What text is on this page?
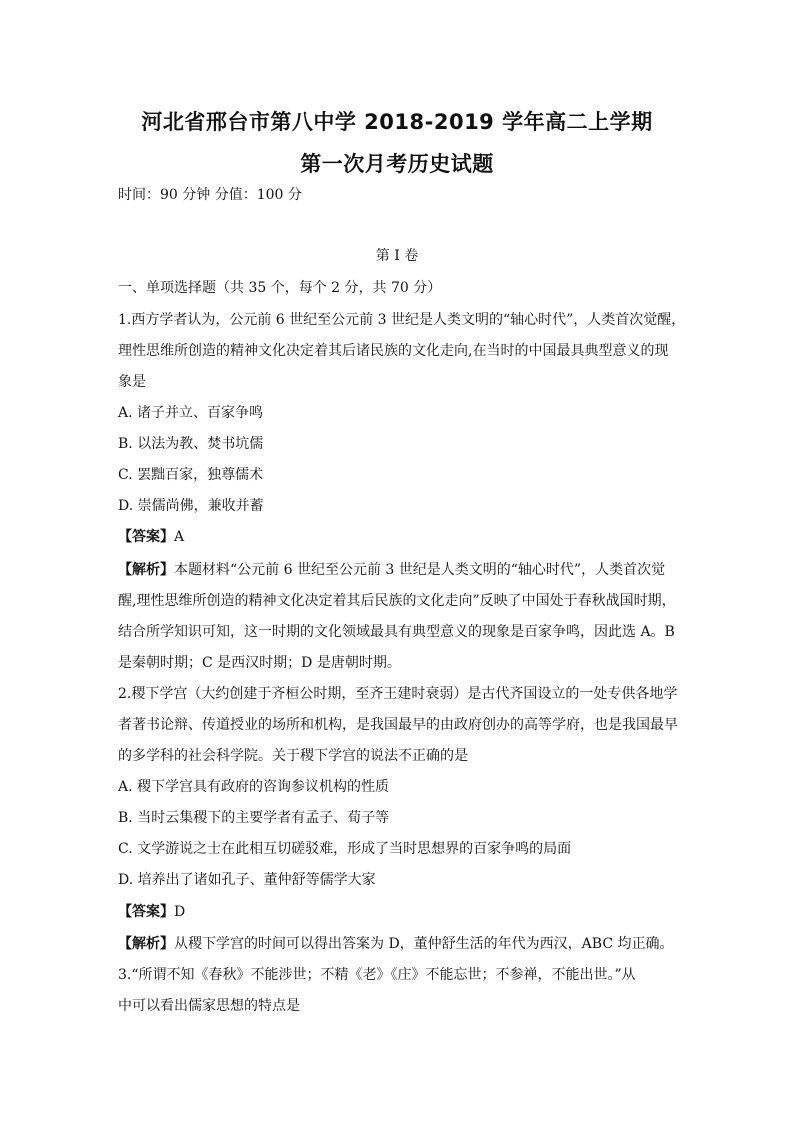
河北省邢台市第八中学 2018-2019 学年高二上学期
第一次月考历史试题
时间：90 分钟 分值：100 分
第 I 卷
一、单项选择题（共 35 个，每个 2 分，共 70 分）
1.西方学者认为，公元前 6 世纪至公元前 3 世纪是人类文明的“轴心时代”，人类首次觉醒，
理性思维所创造的精神文化决定着其后诸民族的文化走向,在当时的中国最具典型意义的现
象是
A. 诸子并立、百家争鸣
B. 以法为教、焚书坑儒
C. 罢黜百家，独尊儒术
D. 崇儒尚佛，兼收并蓄
【答案】A
【解析】本题材料“公元前 6 世纪至公元前 3 世纪是人类文明的“轴心时代”，人类首次觉
醒,理性思维所创造的精神文化决定着其后民族的文化走向”反映了中国处于春秋战国时期，
结合所学知识可知，这一时期的文化领域最具有典型意义的现象是百家争鸣，因此选 A。B
是秦朝时期；C 是西汉时期；D 是唐朝时期。
2.稷下学宫（大约创建于齐桓公时期，至齐王建时衰弱）是古代齐国设立的一处专供各地学
者著书论辩、传道授业的场所和机构，是我国最早的由政府创办的高等学府，也是我国最早
的多学科的社会科学院。关于稷下学宫的说法不正确的是
A. 稷下学宫具有政府的咨询参议机构的性质
B. 当时云集稷下的主要学者有孟子、荀子等
C. 文学游说之士在此相互切磋驳难，形成了当时思想界的百家争鸣的局面
D. 培养出了诸如孔子、董仲舒等儒学大家
【答案】D
【解析】从稷下学宫的时间可以得出答案为 D，董仲舒生活的年代为西汉，ABC 均正确。
3.“所谓不知《春秋》不能涉世；不精《老》《庄》不能忘世；不参禅，不能出世。”从
中可以看出儒家思想的特点是
